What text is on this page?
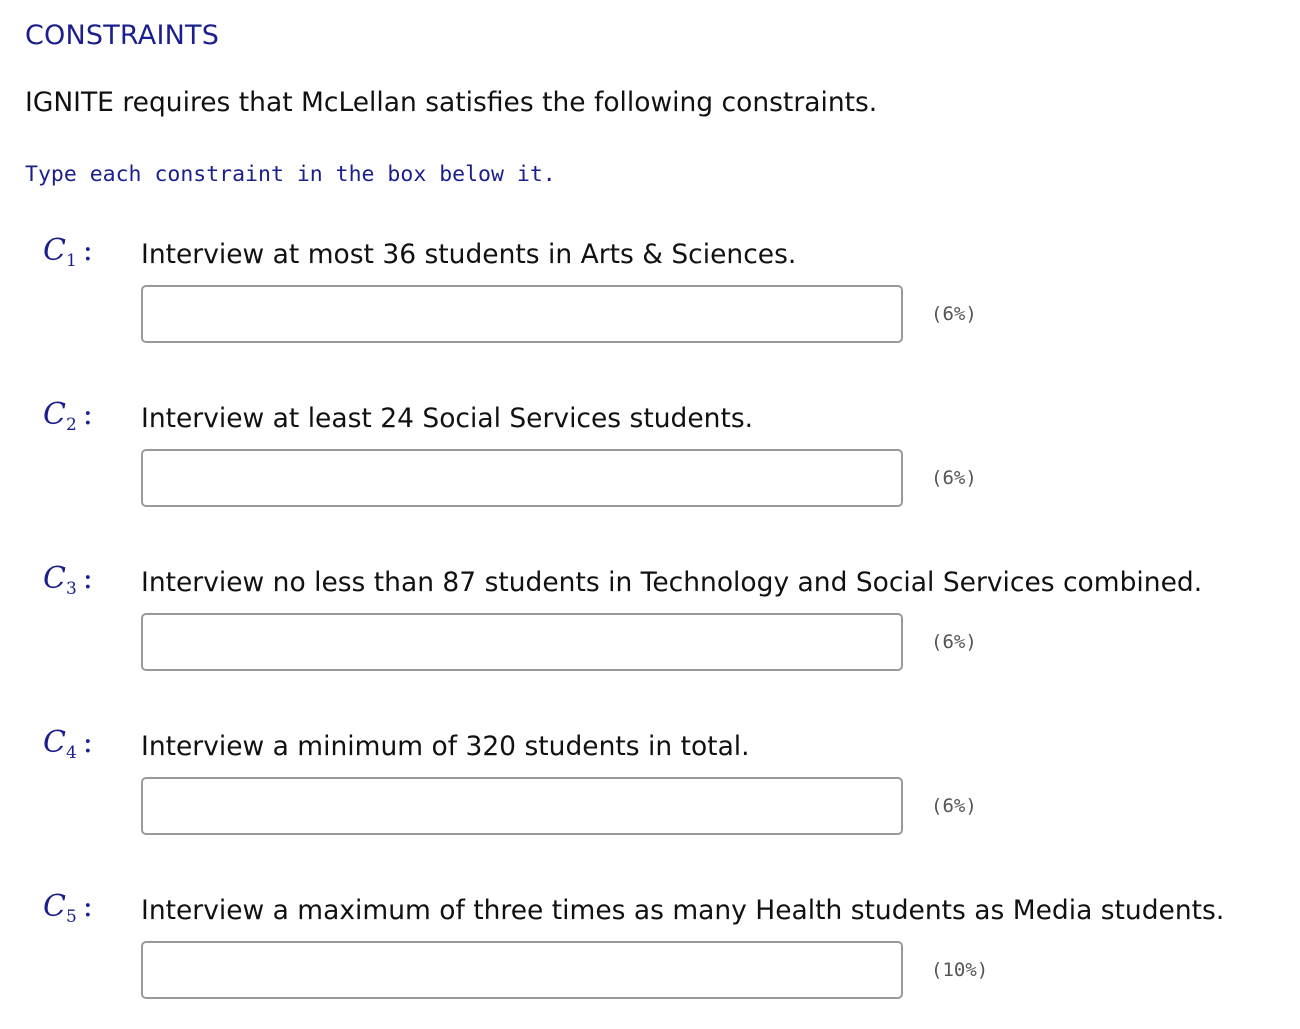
CONSTRAINTS
IGNITE requires that McLellan satisfies the following constraints.
Type each constraint in the box below it.
$C_1$ : Interview at most 36 students in Arts & Sciences.
(6%)
$C_2$ : Interview at least 24 Social Services students.
(6%)
$C_3$ : Interview no less than 87 students in Technology and Social Services combined.
(6%)
$C_4$ : Interview a minimum of 320 students in total.
(6%)
$C_5$ : Interview a maximum of three times as many Health students as Media students.
(10%)
